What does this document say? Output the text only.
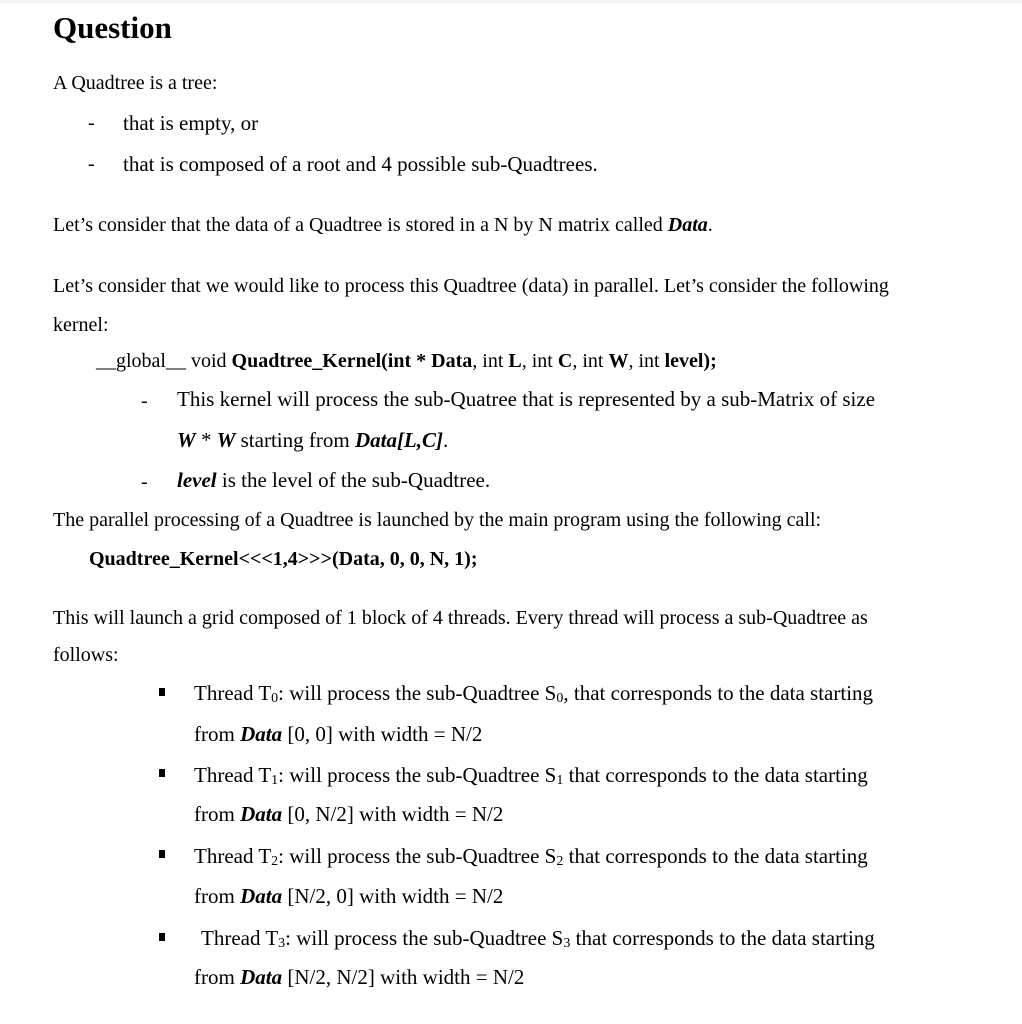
Question
A Quadtree is a tree:
- that is empty, or
- that is composed of a root and 4 possible sub-Quadtrees.
Let’s consider that the data of a Quadtree is stored in a N by N matrix called Data.
Let’s consider that we would like to process this Quadtree (data) in parallel. Let’s consider the following
kernel:
__global__ void Quadtree_Kernel(int * Data, int L, int C, int W, int level);
- This kernel will process the sub-Quatree that is represented by a sub-Matrix of size
W * W starting from Data[L,C].
- level is the level of the sub-Quadtree.
The parallel processing of a Quadtree is launched by the main program using the following call:
Quadtree_Kernel<<<1,4>>>(Data, 0, 0, N, 1);
This will launch a grid composed of 1 block of 4 threads. Every thread will process a sub-Quadtree as
follows:
Thread $T_0$: will process the sub-Quadtree $S_0$, that corresponds to the data starting
from Data [0, 0] with width = N/2
Thread $T_1$: will process the sub-Quadtree $S_1$ that corresponds to the data starting
from Data [0, N/2] with width = N/2
Thread $T_2$: will process the sub-Quadtree $S_2$ that corresponds to the data starting
from Data [N/2, 0] with width = N/2
Thread $T_3$: will process the sub-Quadtree $S_3$ that corresponds to the data starting
from Data [N/2, N/2] with width = N/2
